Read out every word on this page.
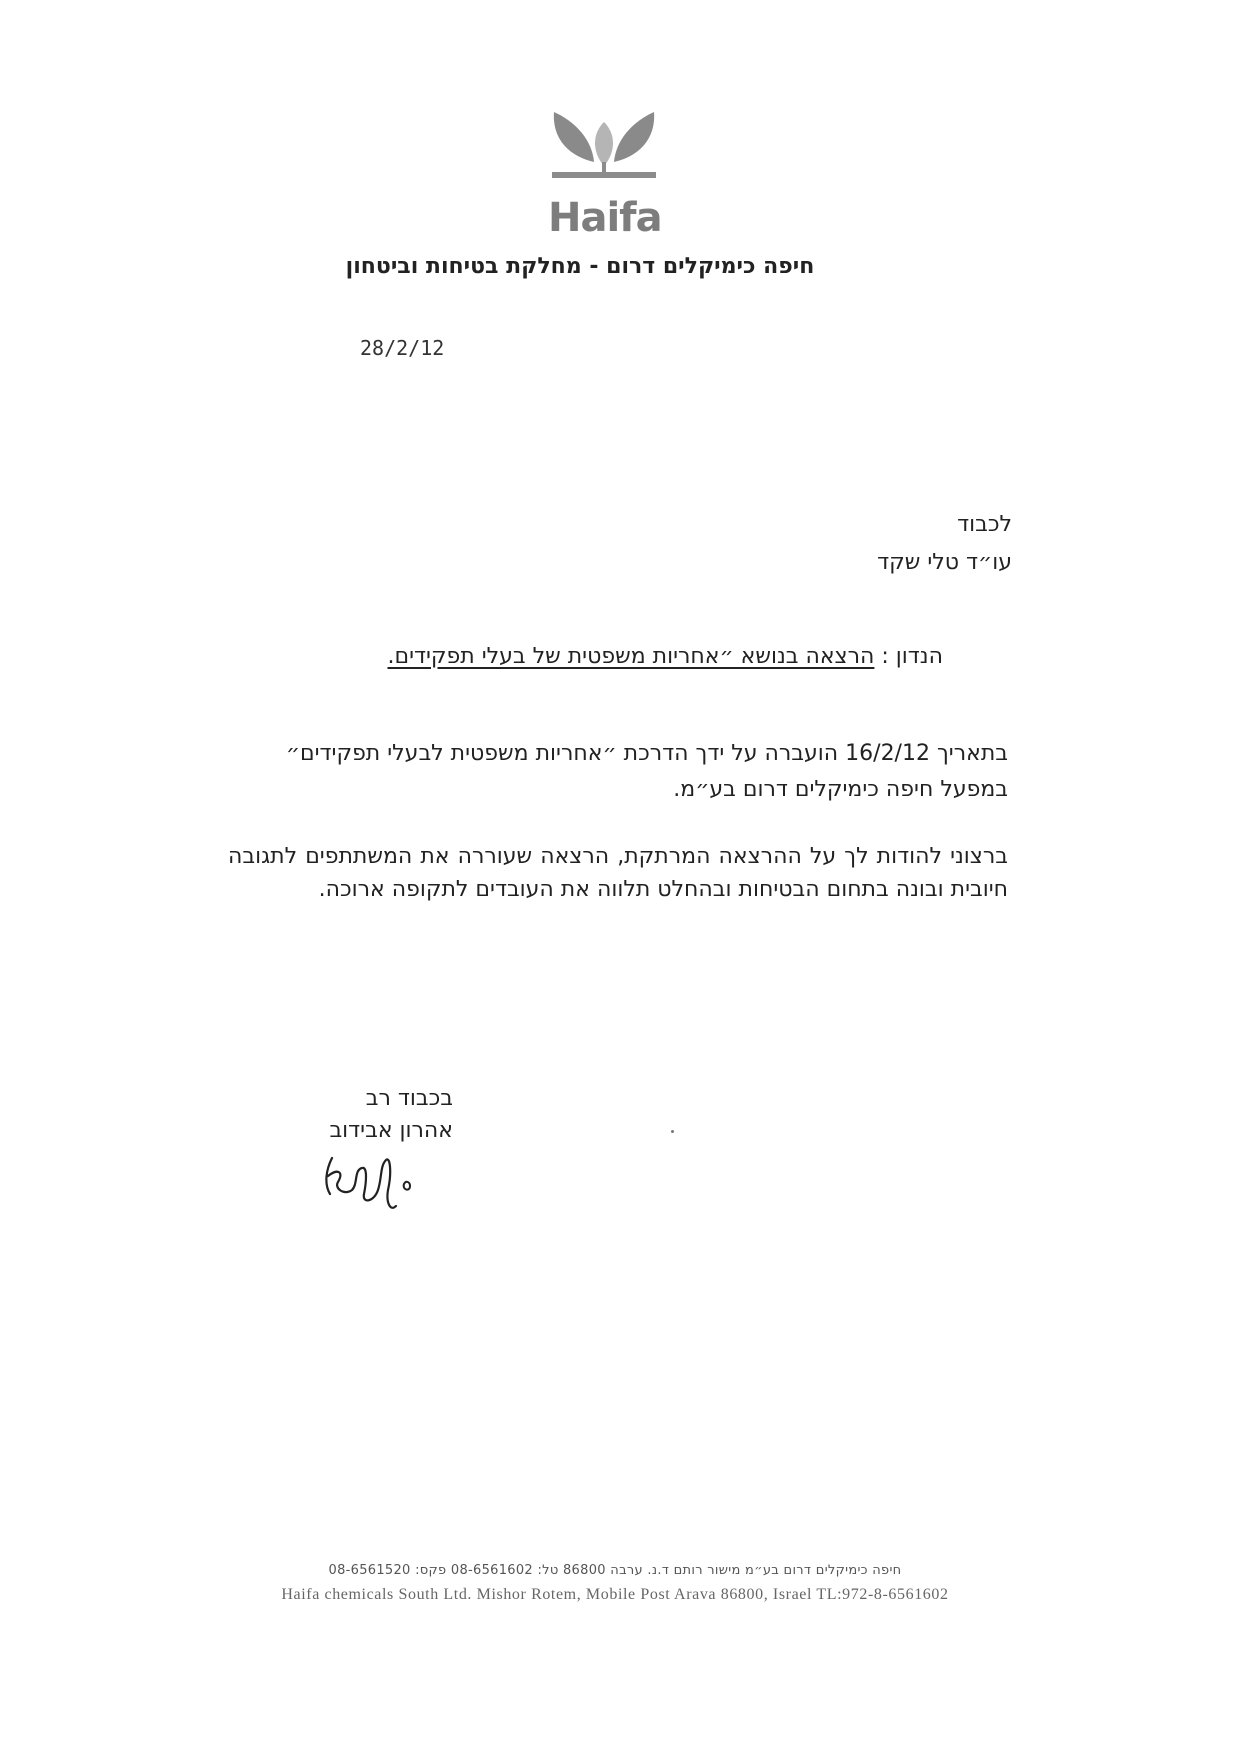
Haifa
חיפה כימיקלים דרום - מחלקת בטיחות וביטחון
28/2/12
לכבוד
עו״ד טלי שקד
הנדון : הרצאה בנושא ״אחריות משפטית של בעלי תפקידים.
בתאריך 16/2/12 הועברה על ידך הדרכת ״אחריות משפטית לבעלי תפקידים״ במפעל חיפה כימיקלים דרום בע״מ.
ברצוני להודות לך על ההרצאה המרתקת, הרצאה שעוררה את המשתתפים לתגובה חיובית ובונה בתחום הבטיחות ובהחלט תלווה את העובדים לתקופה ארוכה.
בכבוד רב
אהרון אבידוב
חיפה כימיקלים דרום בע״מ מישור רותם ד.נ. ערבה 86800 טל: 08-6561602 פקס: 08-6561520
Haifa chemicals South Ltd. Mishor Rotem, Mobile Post Arava 86800, Israel TL:972-8-6561602
